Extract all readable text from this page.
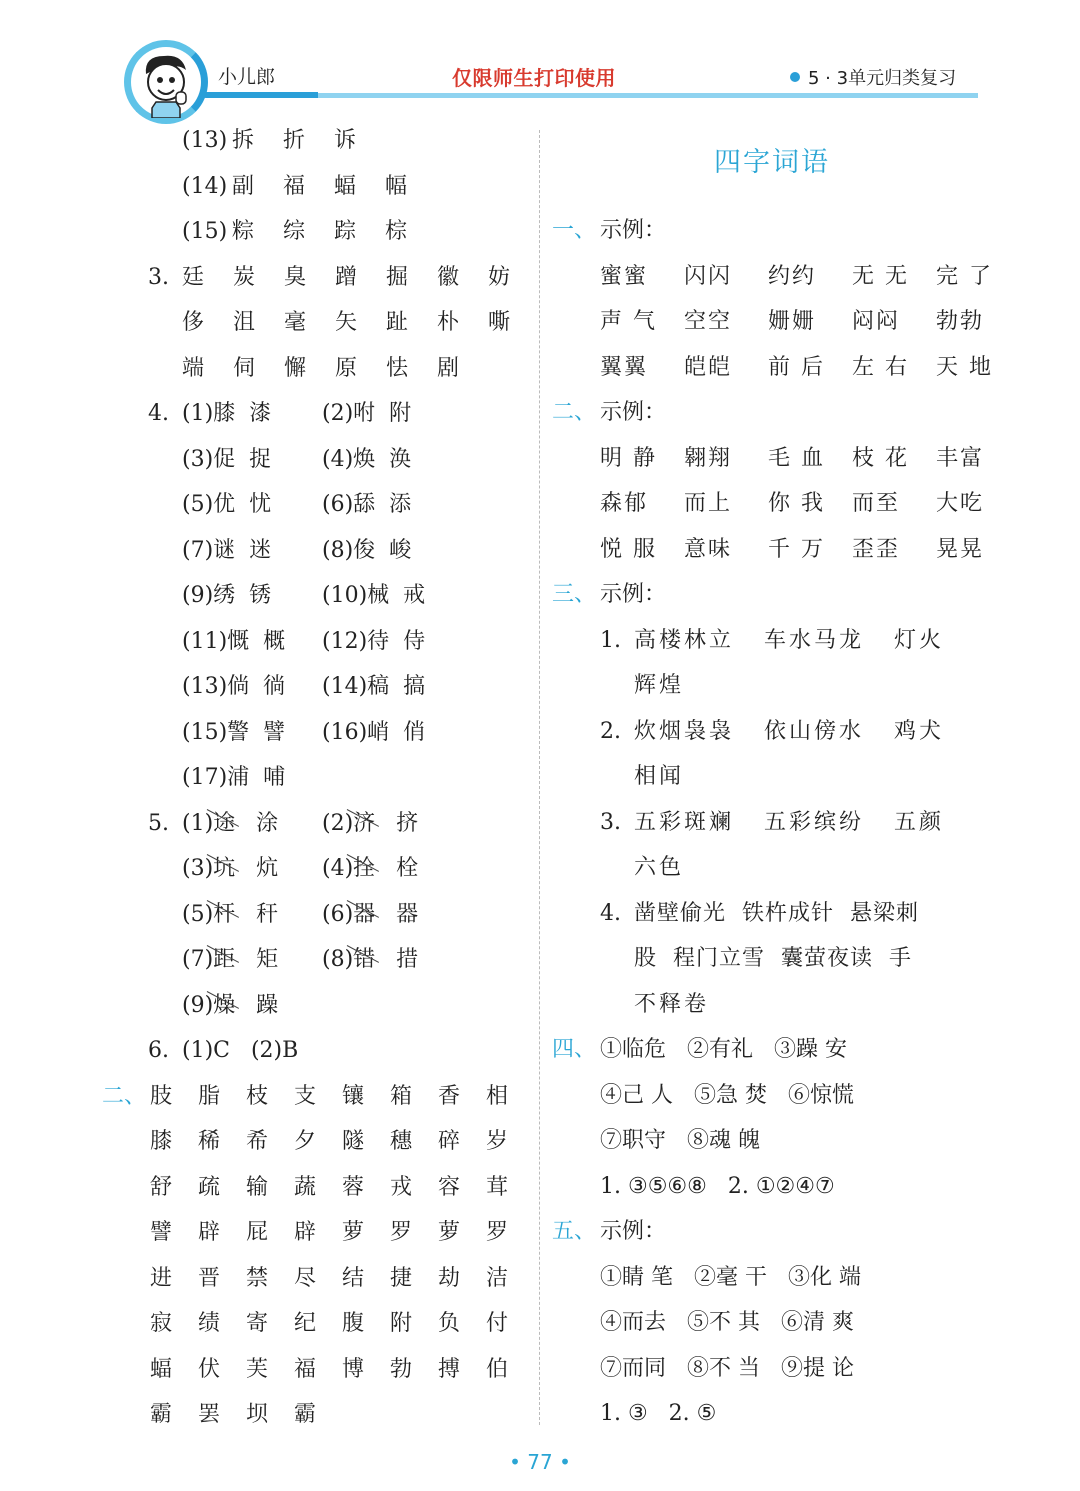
小儿郎	仅限师生打印使用	5 · 3单元归类复习
(13) 拆	折	诉
(14) 副	福	蝠	幅
(15) 粽	综	踪	棕
3. 廷	炭	臭	蹭	掘	徽	妨
侈	沮	毫	矢	趾	朴	嘶
端	伺	懈	原	怯	剧
4. (1)膝  漆	(2)咐  附
(3)促  捉	(4)焕  涣
(5)优  忧	(6)舔  添
(7)谜  迷	(8)俊  峻
(9)绣  锈	(10)械  戒
(11)慨  概	(12)待  侍
(13)倘  徜	(14)稿  搞
(15)警  譬	(16)峭  俏
(17)浦  哺
5. (1)途 涂	(2)济 挤
(3)坑 炕	(4)拴 栓
(5)杆 秆	(6)器 器
(7)距 矩	(8)错 措
(9)燥 躁
6. (1)C   (2)B
二、 肢	脂	枝	支	镶	箱	香	相
膝	稀	希	夕	隧	穗	碎	岁
舒	疏	输	蔬	蓉	戎	容	茸
譬	辟	屁	辟	萝	罗	萝	罗
进	晋	禁	尽	结	捷	劫	洁
寂	绩	寄	纪	腹	附	负	付
蝠	伏	芙	福	博	勃	搏	伯
霸	罢	坝	霸
四字词语
一、 示例：
蜜蜜	闪闪	约约	无 无	完 了
声 气	空空	姗姗	闷闷	勃勃
翼翼	皑皑	前 后	左 右	天 地
二、 示例：
明 静	翱翔	毛 血	枝 花	丰富
森郁	而上	你 我	而至	大吃
悦 服	意味	千 万	歪歪	晃晃
三、 示例：
1. 高楼林立   车水马龙   灯火
辉煌
2. 炊烟袅袅   依山傍水   鸡犬
相闻
3. 五彩斑斓   五彩缤纷   五颜
六色
4. 凿壁偷光  铁杵成针  悬梁刺
股  程门立雪  囊萤夜读  手
不释卷
四、 ①临危   ②有礼   ③躁 安
④己 人   ⑤急 焚   ⑥惊慌
⑦职守   ⑧魂 魄
1. ③⑤⑥⑧   2. ①②④⑦
五、 示例：
①睛 笔   ②毫 干   ③化 端
④而去   ⑤不 其   ⑥清 爽
⑦而同   ⑧不 当   ⑨提 论
1. ③   2. ⑤
• 77 •
